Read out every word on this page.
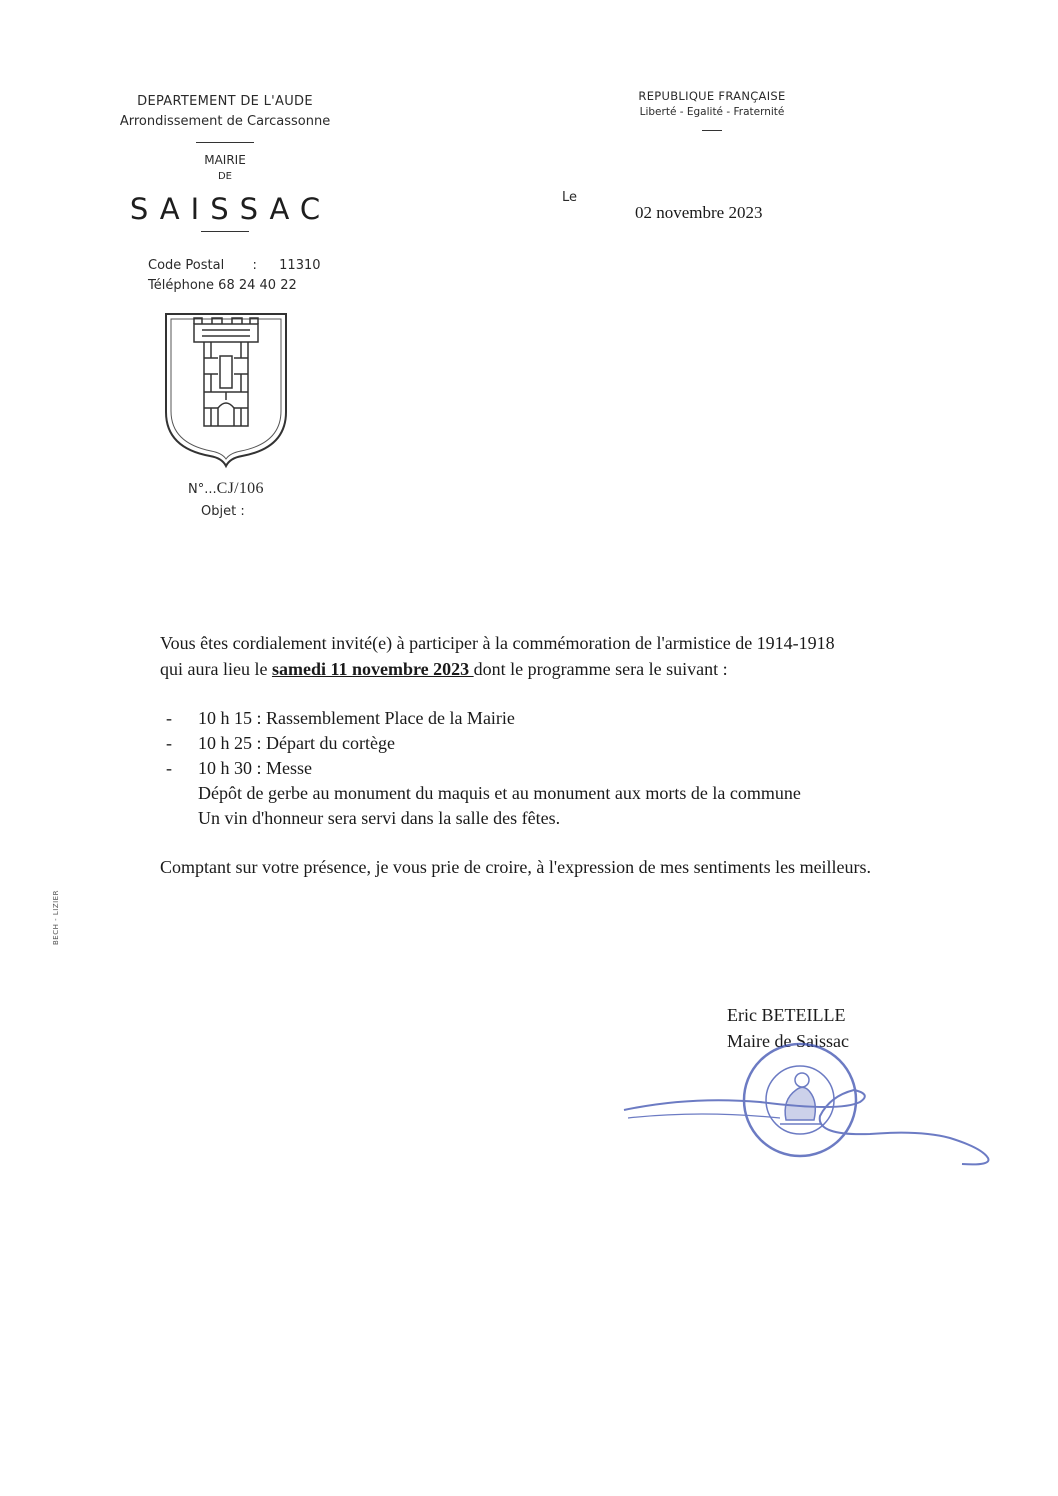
DEPARTEMENT DE L'AUDE
Arrondissement de Carcassonne
MAIRIE
DE
SAISSAC
Code Postal : 11310
Téléphone 68 24 40 22
N°...CJ/106
Objet :
REPUBLIQUE FRANÇAISE
Liberté - Egalité - Fraternité
Le
02 novembre 2023
Vous êtes cordialement invité(e) à participer à la commémoration de l'armistice de 1914-1918
qui aura lieu le samedi 11 novembre 2023 dont le programme sera le suivant :
- 10 h 15 : Rassemblement Place de la Mairie
- 10 h 25 : Départ du cortège
- 10 h 30 : Messe
Dépôt de gerbe au monument du maquis et au monument aux morts de la commune
Un vin d'honneur sera servi dans la salle des fêtes.
Comptant sur votre présence, je vous prie de croire, à l'expression de mes sentiments les meilleurs.
Eric BETEILLE
Maire de Saissac
BECH - LIZIER
